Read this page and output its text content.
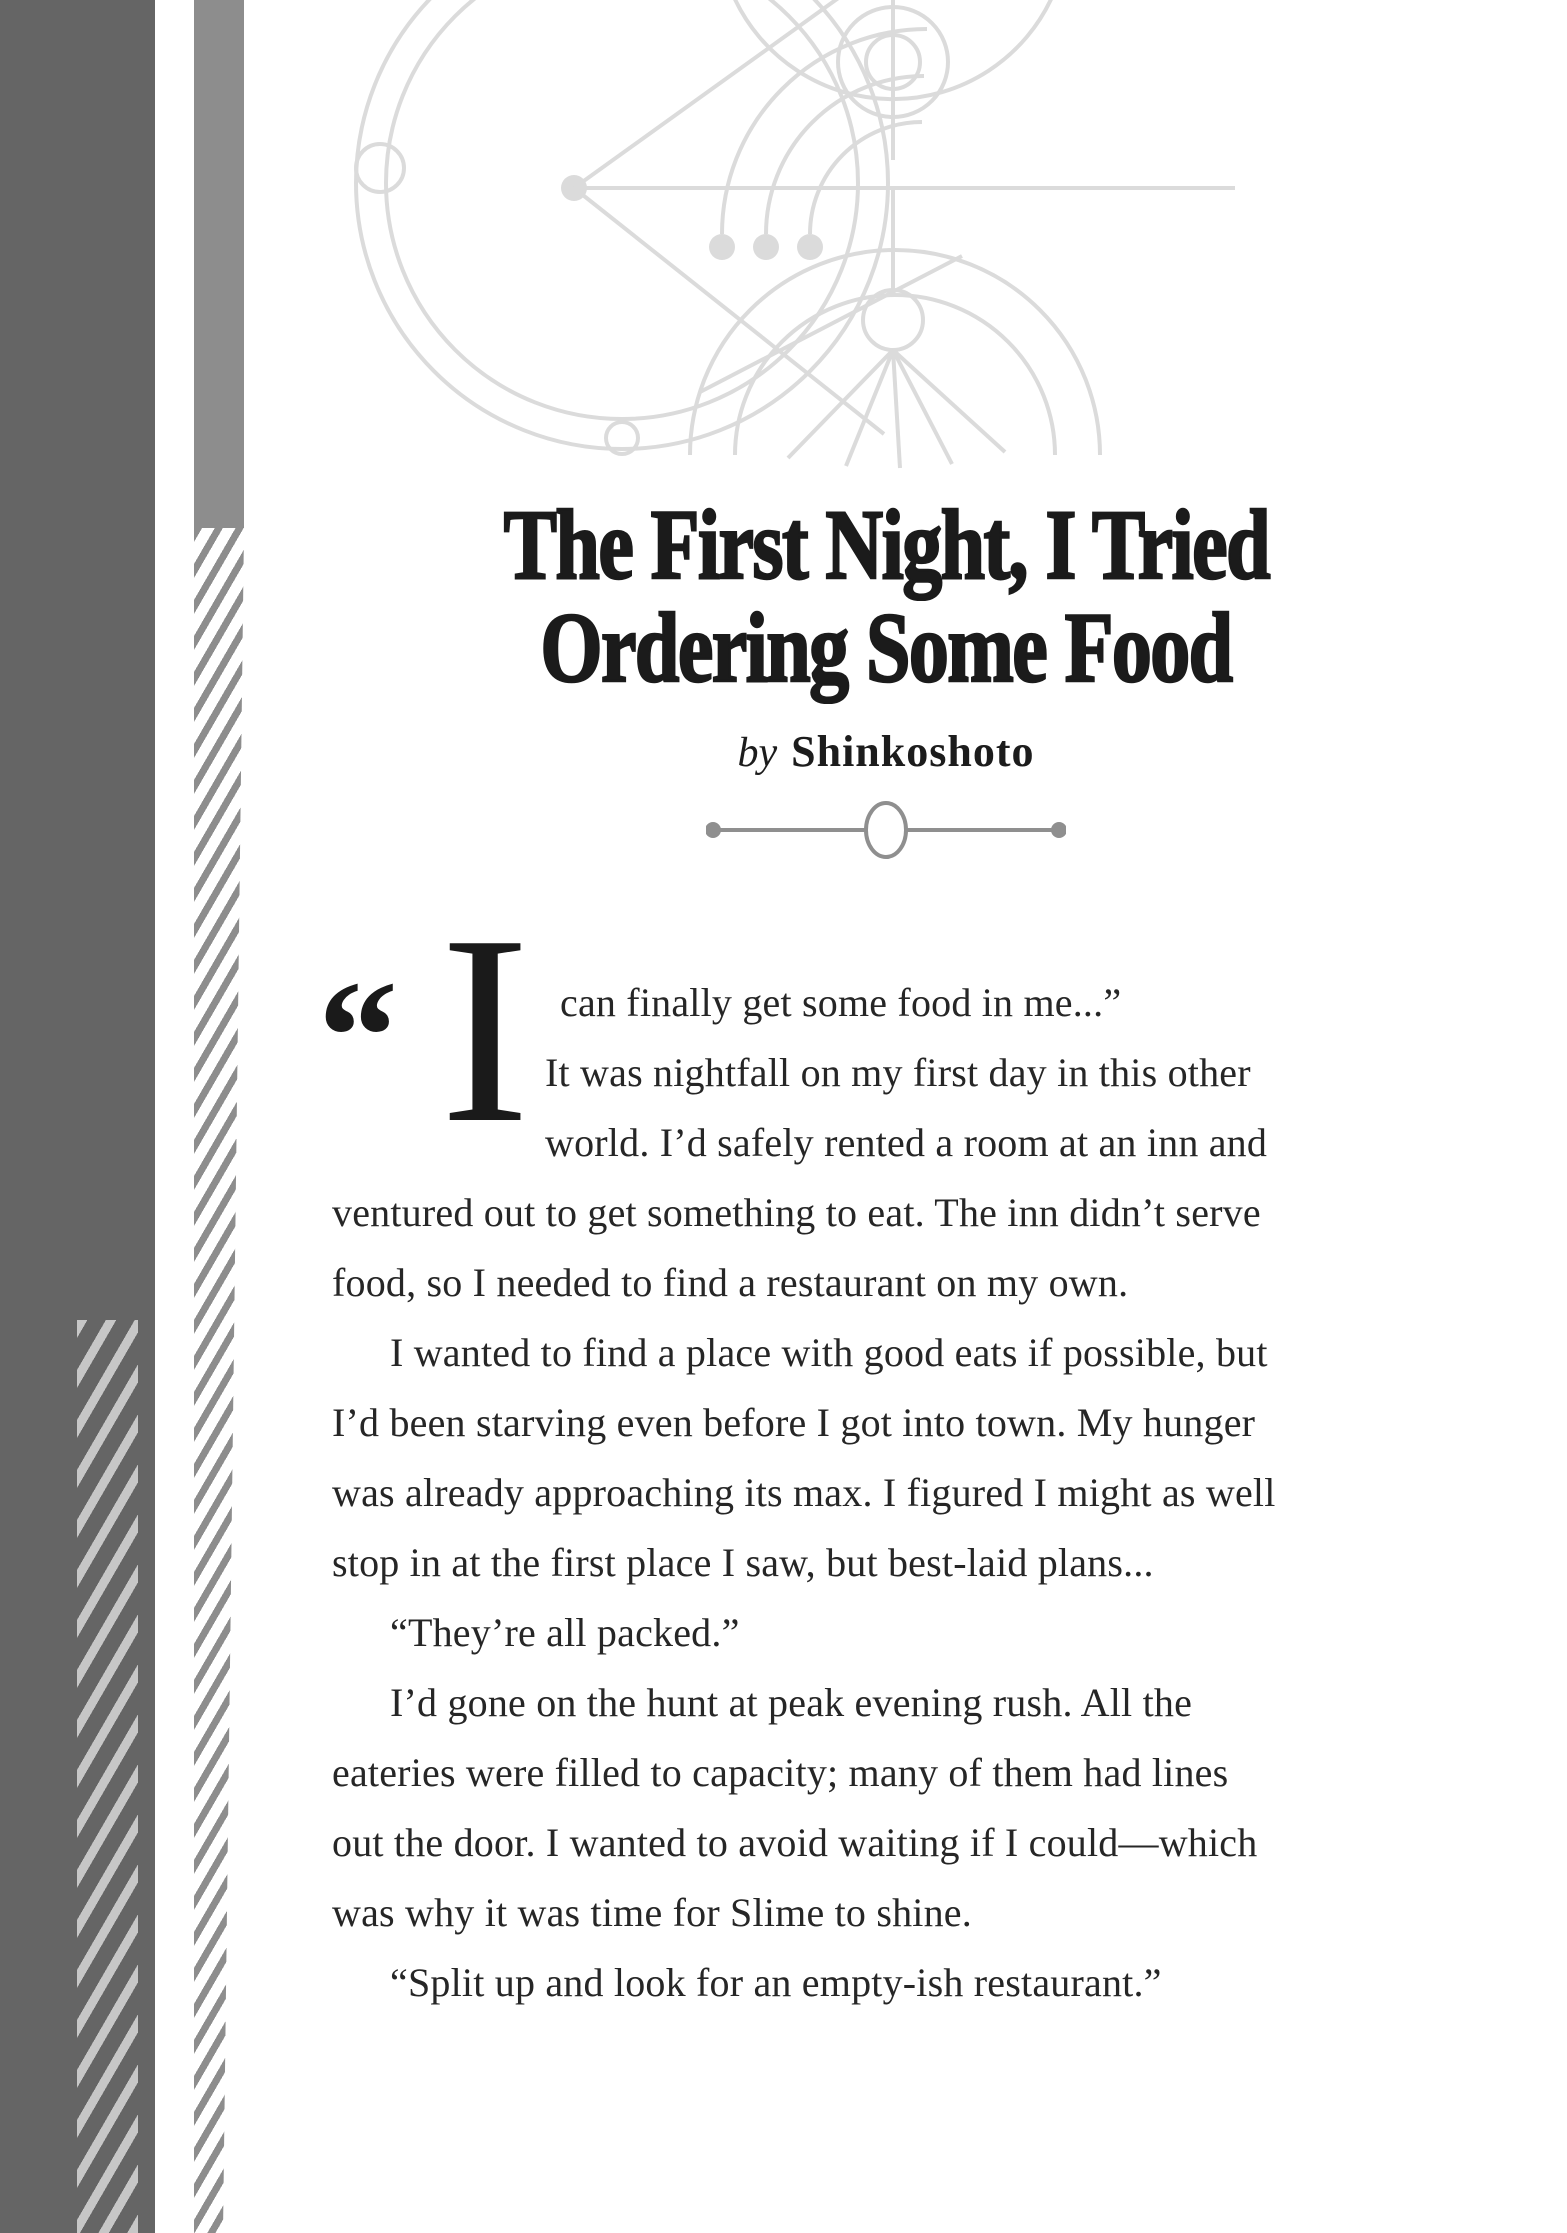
The First Night, I Tried
Ordering Some Food
by Shinkoshoto
“ I can finally get some food in me...”
It was nightfall on my first day in this other
world. I’d safely rented a room at an inn and
ventured out to get something to eat. The inn didn’t serve
food, so I needed to find a restaurant on my own.
I wanted to find a place with good eats if possible, but
I’d been starving even before I got into town. My hunger
was already approaching its max. I figured I might as well
stop in at the first place I saw, but best-laid plans...
“They’re all packed.”
I’d gone on the hunt at peak evening rush. All the
eateries were filled to capacity; many of them had lines
out the door. I wanted to avoid waiting if I could—which
was why it was time for Slime to shine.
“Split up and look for an empty-ish restaurant.”
